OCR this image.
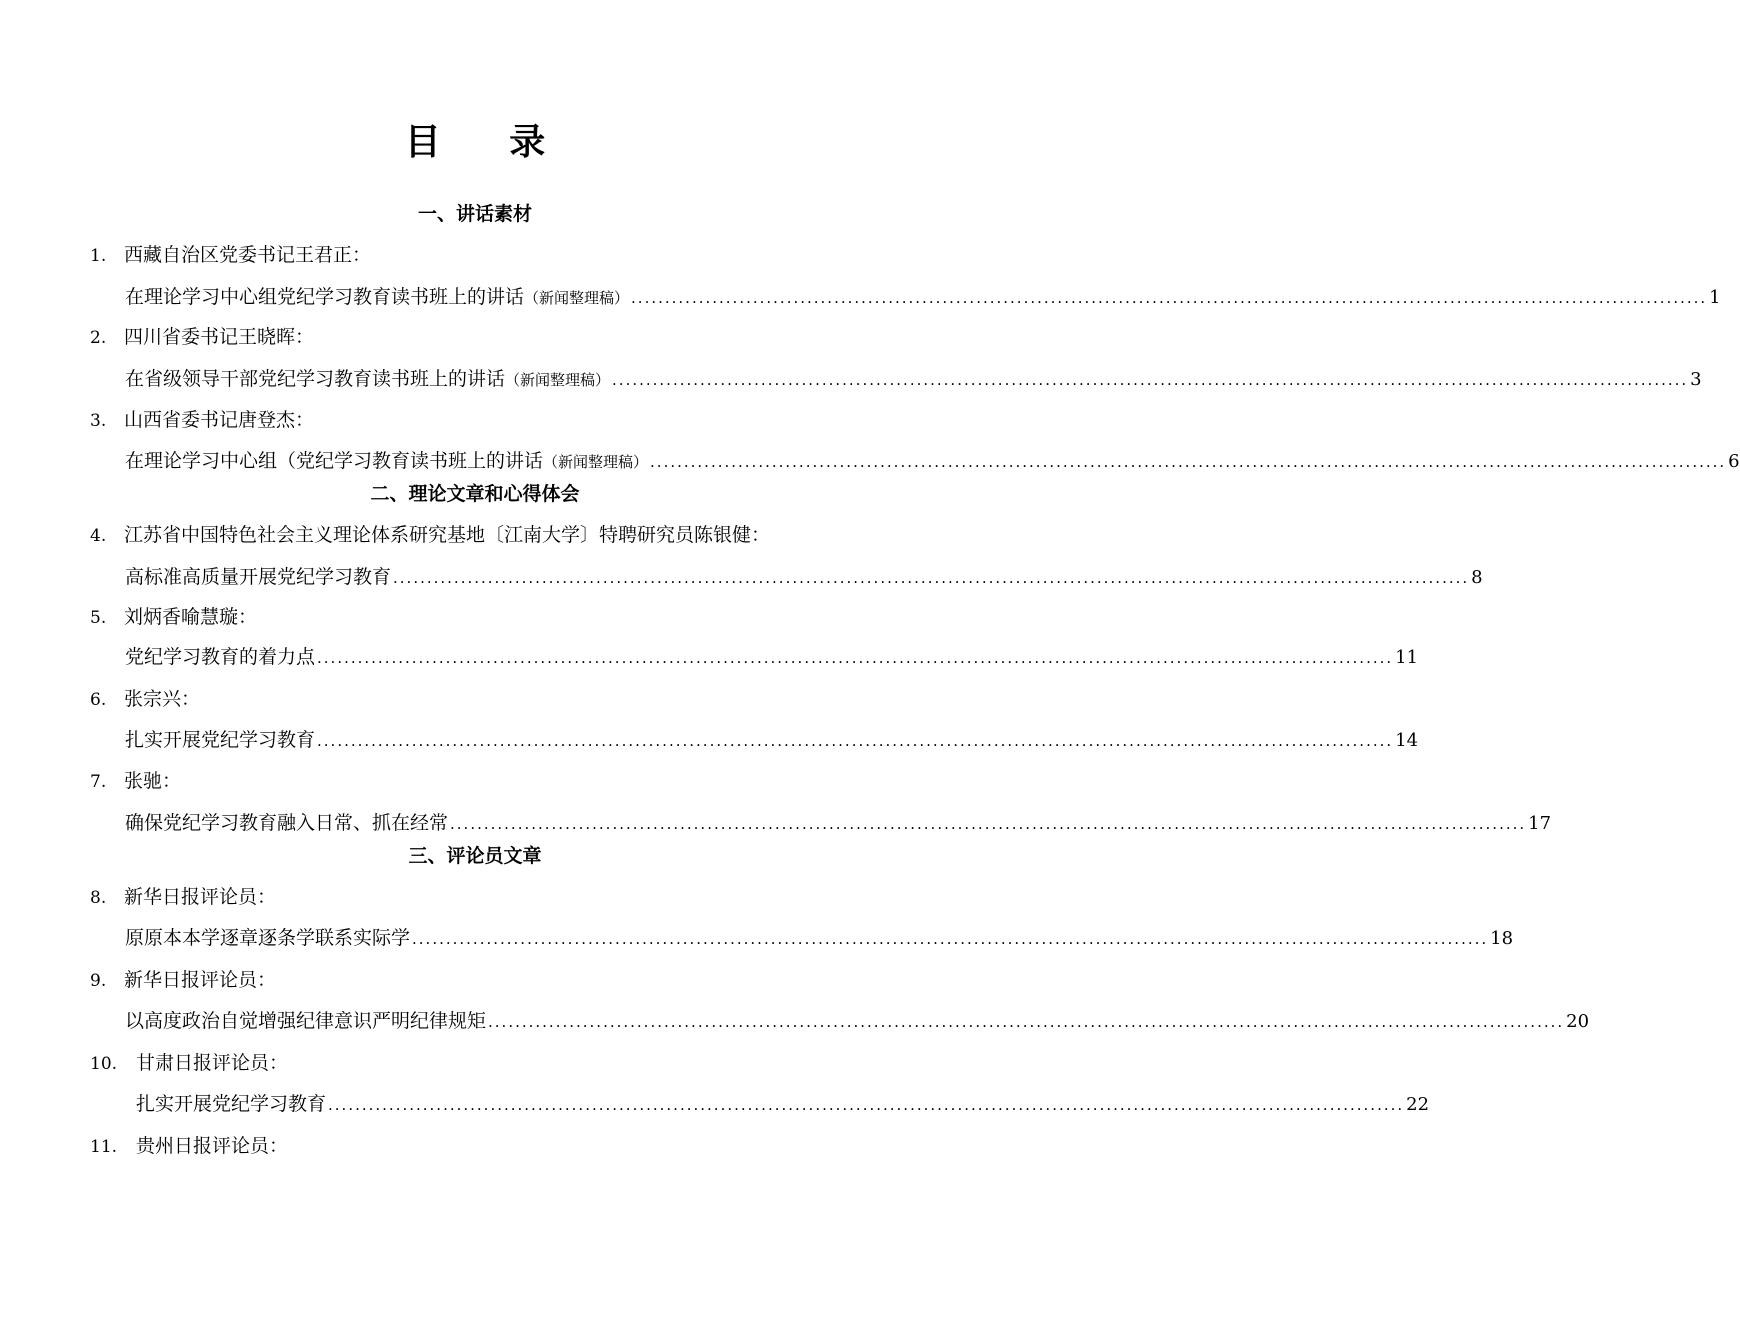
目 录
一、讲话素材
1. 西藏自治区党委书记王君正：
在理论学习中心组党纪学习教育读书班上的讲话 （新闻整理稿） ............................................................................................................................................................... 1
2. 四川省委书记王晓晖：
在省级领导干部党纪学习教育读书班上的讲话 （新闻整理稿） ............................................................................................................................................................... 3
3. 山西省委书记唐登杰：
在理论学习中心组（党纪学习教育读书班上的讲话 （新闻整理稿） ............................................................................................................................................................... 6
二、理论文章和心得体会
4. 江苏省中国特色社会主义理论体系研究基地〔江南大学〕特聘研究员陈银健：
高标准高质量开展党纪学习教育 ............................................................................................................................................................... 8
5. 刘炳香喻慧璇：
党纪学习教育的着力点 ............................................................................................................................................................... 11
6. 张宗兴：
扎实开展党纪学习教育 ............................................................................................................................................................... 14
7. 张驰：
确保党纪学习教育融入日常、抓在经常 ............................................................................................................................................................... 17
三、评论员文章
8. 新华日报评论员：
原原本本学逐章逐条学联系实际学 ............................................................................................................................................................... 18
9. 新华日报评论员：
以高度政治自觉增强纪律意识严明纪律规矩 ............................................................................................................................................................... 20
10. 甘肃日报评论员：
扎实开展党纪学习教育 ............................................................................................................................................................... 22
11. 贵州日报评论员：
